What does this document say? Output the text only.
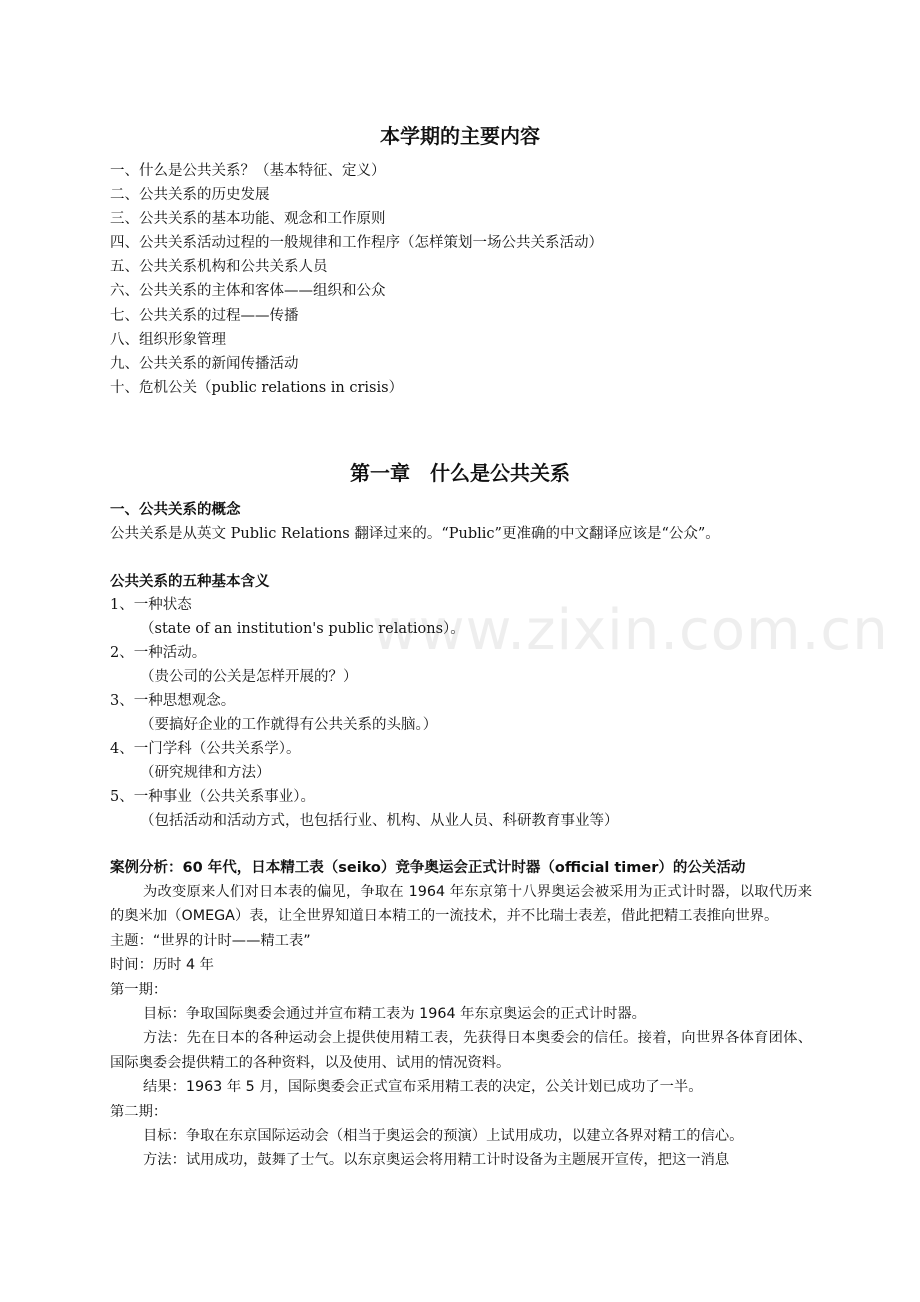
本学期的主要内容
一、什么是公共关系？（基本特征、定义）
二、公共关系的历史发展
三、公共关系的基本功能、观念和工作原则
四、公共关系活动过程的一般规律和工作程序（怎样策划一场公共关系活动）
五、公共关系机构和公共关系人员
六、公共关系的主体和客体——组织和公众
七、公共关系的过程——传播
八、组织形象管理
九、公共关系的新闻传播活动
十、危机公关（public relations in crisis）
第一章　什么是公共关系
一、公共关系的概念
公共关系是从英文 Public Relations 翻译过来的。“Public”更准确的中文翻译应该是“公众”。
公共关系的五种基本含义
1、一种状态
（state of an institution's public relations）。
2、一种活动。
（贵公司的公关是怎样开展的？）
3、一种思想观念。
（要搞好企业的工作就得有公共关系的头脑。）
4、一门学科（公共关系学）。
（研究规律和方法）
5、一种事业（公共关系事业）。
（包括活动和活动方式，也包括行业、机构、从业人员、科研教育事业等）
案例分析：60 年代，日本精工表（seiko）竞争奥运会正式计时器（official timer）的公关活动

为改变原来人们对日本表的偏见，争取在 1964 年东京第十八界奥运会被采用为正式计时器，以取代历来的奥米加（OMEGA）表，让全世界知道日本精工的一流技术，并不比瑞士表差，借此把精工表推向世界。

主题：“世界的计时——精工表”

时间：历时 4 年

第一期：

目标：争取国际奥委会通过并宣布精工表为 1964 年东京奥运会的正式计时器。

方法：先在日本的各种运动会上提供使用精工表，先获得日本奥委会的信任。接着，向世界各体育团体、国际奥委会提供精工的各种资料，以及使用、试用的情况资料。

结果：1963 年 5 月，国际奥委会正式宣布采用精工表的决定，公关计划已成功了一半。

第二期：

目标：争取在东京国际运动会（相当于奥运会的预演）上试用成功，以建立各界对精工的信心。

方法：试用成功，鼓舞了士气。以东京奥运会将用精工计时设备为主题展开宣传，把这一消息

www.zixin.com.cn
